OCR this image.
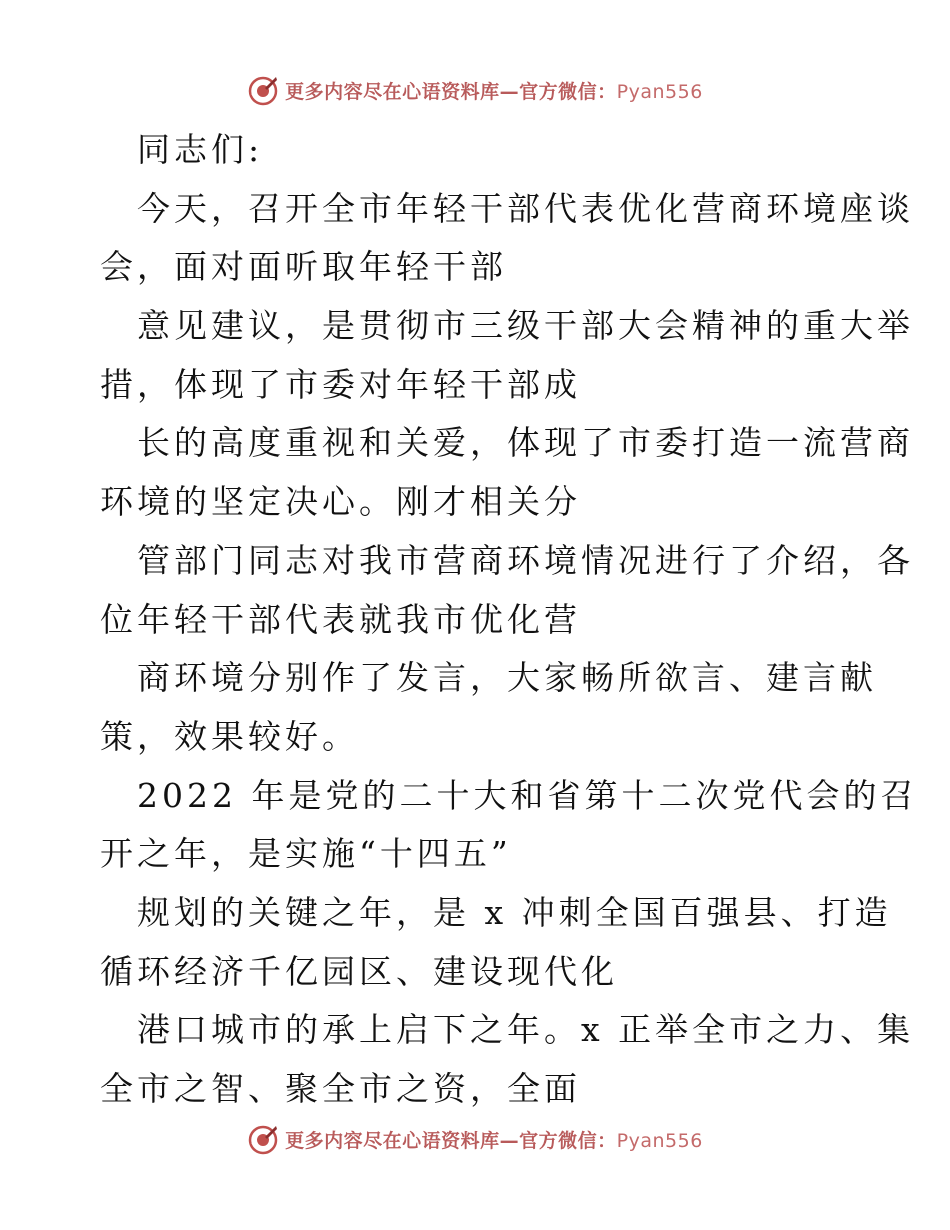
更多内容尽在心语资料库—官方微信：Pyan556
同志们:
今天，召开全市年轻干部代表优化营商环境座谈
会，面对面听取年轻干部
意见建议，是贯彻市三级干部大会精神的重大举
措，体现了市委对年轻干部成
长的高度重视和关爱，体现了市委打造一流营商
环境的坚定决心。刚才相关分
管部门同志对我市营商环境情况进行了介绍，各
位年轻干部代表就我市优化营
商环境分别作了发言，大家畅所欲言、建言献
策，效果较好。
2022 年是党的二十大和省第十二次党代会的召
开之年，是实施“十四五”
规划的关键之年，是 x 冲刺全国百强县、打造
循环经济千亿园区、建设现代化
港口城市的承上启下之年。x 正举全市之力、集
全市之智、聚全市之资，全面
更多内容尽在心语资料库—官方微信：Pyan556
